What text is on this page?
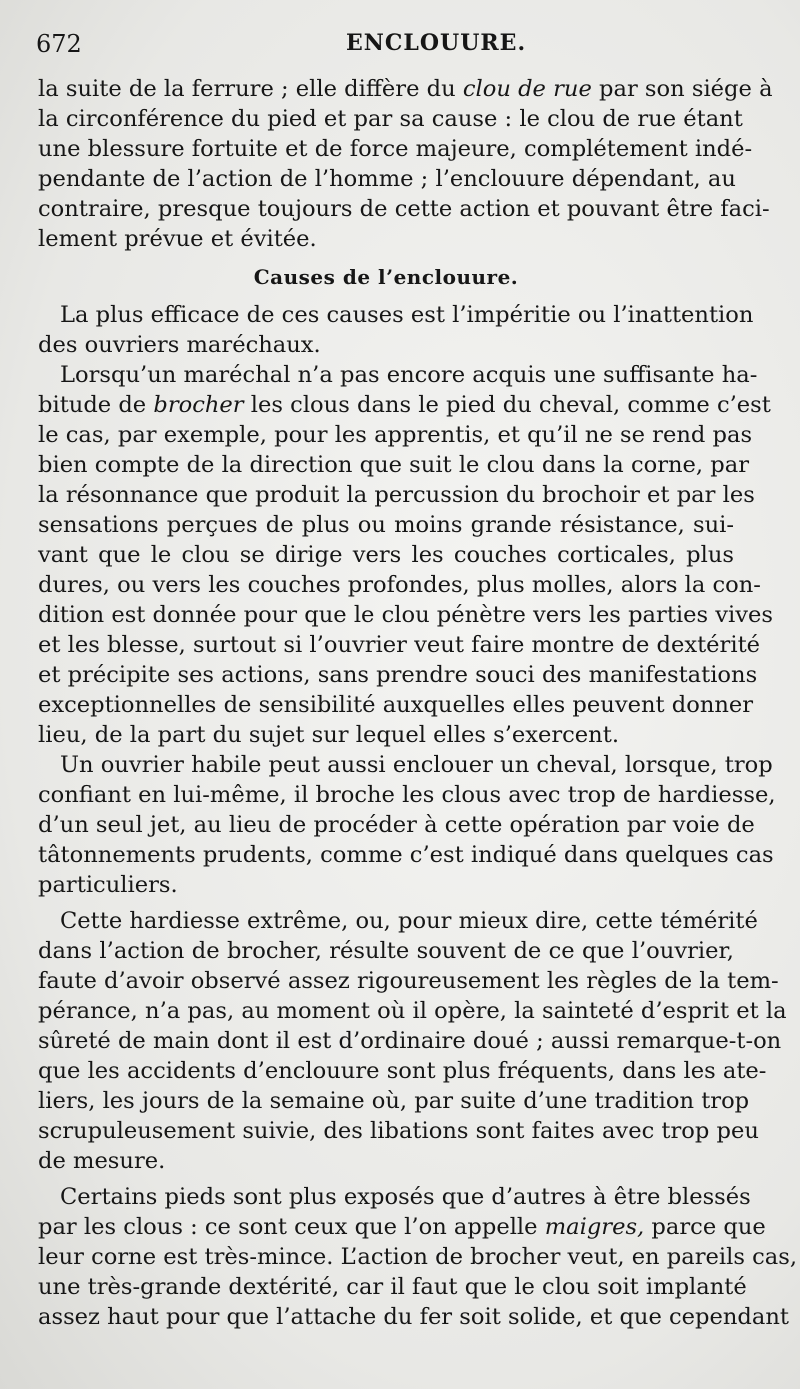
672	ENCLOUURE.
la suite de la ferrure ; elle diffère du clou de rue par son siége à
la circonférence du pied et par sa cause : le clou de rue étant
une blessure fortuite et de force majeure, complétement indé-
pendante de l’action de l’homme ; l’enclouure dépendant, au
contraire, presque toujours de cette action et pouvant être faci-
lement prévue et évitée.
Causes de l’enclouure.
La plus efficace de ces causes est l’impéritie ou l’inattention
des ouvriers maréchaux.
Lorsqu’un maréchal n’a pas encore acquis une suffisante ha-
bitude de brocher les clous dans le pied du cheval, comme c’est
le cas, par exemple, pour les apprentis, et qu’il ne se rend pas
bien compte de la direction que suit le clou dans la corne, par
la résonnance que produit la percussion du brochoir et par les
sensations perçues de plus ou moins grande résistance, sui-
vant que le clou se dirige vers les couches corticales, plus
dures, ou vers les couches profondes, plus molles, alors la con-
dition est donnée pour que le clou pénètre vers les parties vives
et les blesse, surtout si l’ouvrier veut faire montre de dextérité
et précipite ses actions, sans prendre souci des manifestations
exceptionnelles de sensibilité auxquelles elles peuvent donner
lieu, de la part du sujet sur lequel elles s’exercent.
Un ouvrier habile peut aussi enclouer un cheval, lorsque, trop
confiant en lui-même, il broche les clous avec trop de hardiesse,
d’un seul jet, au lieu de procéder à cette opération par voie de
tâtonnements prudents, comme c’est indiqué dans quelques cas
particuliers.
Cette hardiesse extrême, ou, pour mieux dire, cette témérité
dans l’action de brocher, résulte souvent de ce que l’ouvrier,
faute d’avoir observé assez rigoureusement les règles de la tem-
pérance, n’a pas, au moment où il opère, la sainteté d’esprit et la
sûreté de main dont il est d’ordinaire doué ; aussi remarque-t-on
que les accidents d’enclouure sont plus fréquents, dans les ate-
liers, les jours de la semaine où, par suite d’une tradition trop
scrupuleusement suivie, des libations sont faites avec trop peu
de mesure.
Certains pieds sont plus exposés que d’autres à être blessés
par les clous : ce sont ceux que l’on appelle maigres, parce que
leur corne est très-mince. L’action de brocher veut, en pareils cas,
une très-grande dextérité, car il faut que le clou soit implanté
assez haut pour que l’attache du fer soit solide, et que cependant
